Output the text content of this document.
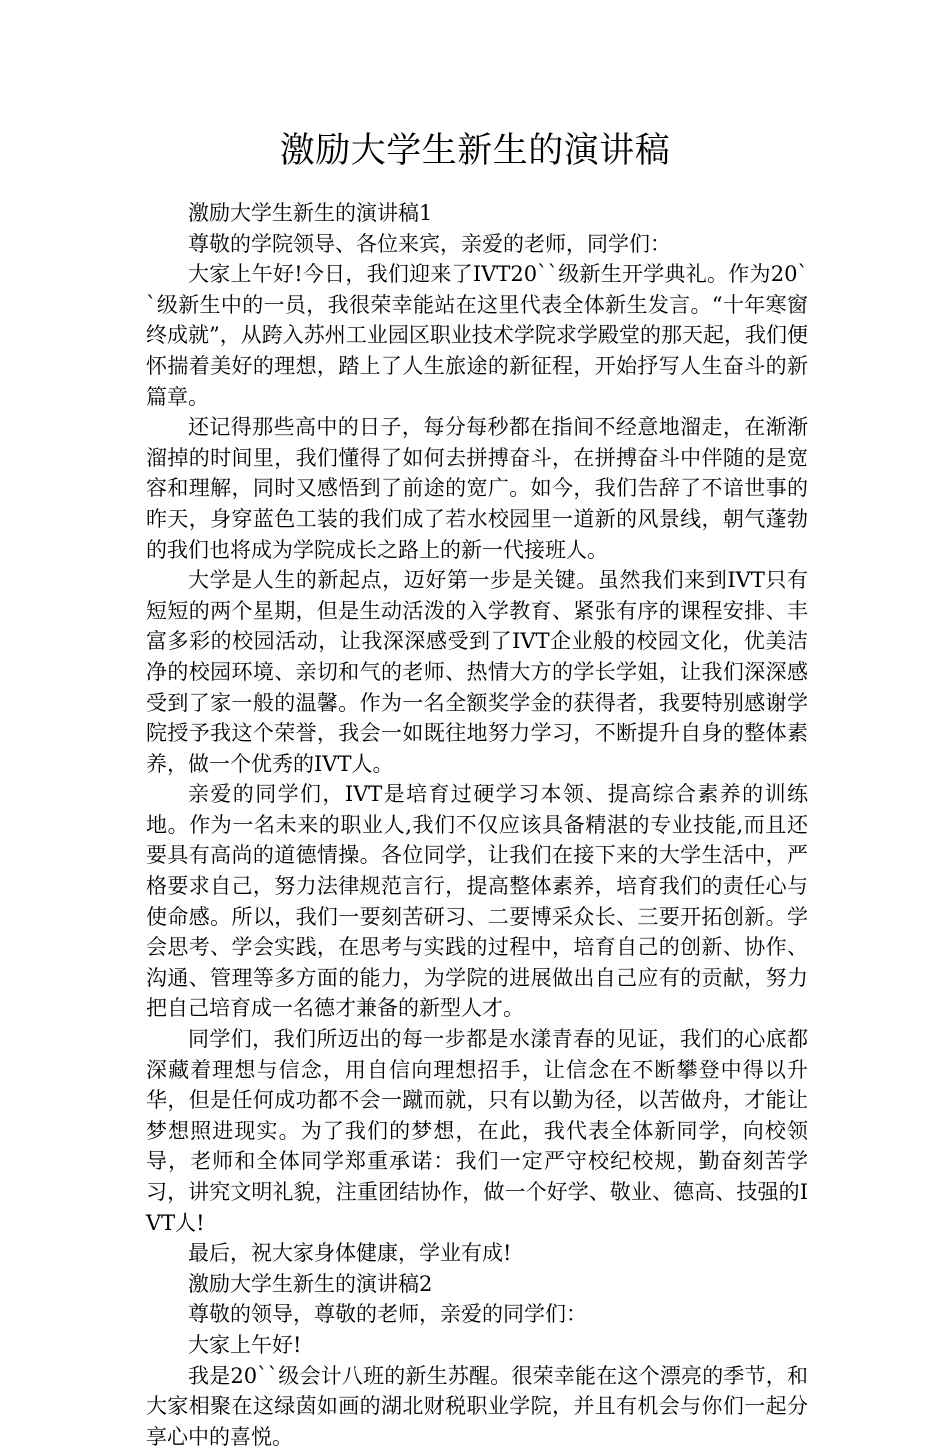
激励大学生新生的演讲稿

激励大学生新生的演讲稿1

尊敬的学院领导、各位来宾，亲爱的老师，同学们：

大家上午好!今日，我们迎来了IVT20``级新生开学典礼。作为20``级新生中的一员，我很荣幸能站在这里代表全体新生发言。“十年寒窗终成就”，从跨入苏州工业园区职业技术学院求学殿堂的那天起，我们便怀揣着美好的理想，踏上了人生旅途的新征程，开始抒写人生奋斗的新篇章。

还记得那些高中的日子，每分每秒都在指间不经意地溜走，在渐渐溜掉的时间里，我们懂得了如何去拼搏奋斗，在拼搏奋斗中伴随的是宽容和理解，同时又感悟到了前途的宽广。如今，我们告辞了不谙世事的昨天，身穿蓝色工装的我们成了若水校园里一道新的风景线，朝气蓬勃的我们也将成为学院成长之路上的新一代接班人。

大学是人生的新起点，迈好第一步是关键。虽然我们来到IVT只有短短的两个星期，但是生动活泼的入学教育、紧张有序的课程安排、丰富多彩的校园活动，让我深深感受到了IVT企业般的校园文化，优美洁净的校园环境、亲切和气的老师、热情大方的学长学姐，让我们深深感受到了家一般的温馨。作为一名全额奖学金的获得者，我要特别感谢学院授予我这个荣誉，我会一如既往地努力学习，不断提升自身的整体素养，做一个优秀的IVT人。

亲爱的同学们，IVT是培育过硬学习本领、提高综合素养的训练地。作为一名未来的职业人,我们不仅应该具备精湛的专业技能,而且还要具有高尚的道德情操。各位同学，让我们在接下来的大学生活中，严格要求自己，努力法律规范言行，提高整体素养，培育我们的责任心与使命感。所以，我们一要刻苦研习、二要博采众长、三要开拓创新。学会思考、学会实践，在思考与实践的过程中，培育自己的创新、协作、沟通、管理等多方面的能力，为学院的进展做出自己应有的贡献，努力把自己培育成一名德才兼备的新型人才。

同学们，我们所迈出的每一步都是水漾青春的见证，我们的心底都深藏着理想与信念，用自信向理想招手，让信念在不断攀登中得以升华，但是任何成功都不会一蹴而就，只有以勤为径，以苦做舟，才能让梦想照进现实。为了我们的梦想，在此，我代表全体新同学，向校领导，老师和全体同学郑重承诺：我们一定严守校纪校规，勤奋刻苦学习，讲究文明礼貌，注重团结协作，做一个好学、敬业、德高、技强的IVT人!

最后，祝大家身体健康，学业有成!

激励大学生新生的演讲稿2

尊敬的领导，尊敬的老师，亲爱的同学们：

大家上午好!

我是20``级会计八班的新生苏醒。很荣幸能在这个漂亮的季节，和大家相聚在这绿茵如画的湖北财税职业学院，并且有机会与你们一起分享心中的喜悦。
